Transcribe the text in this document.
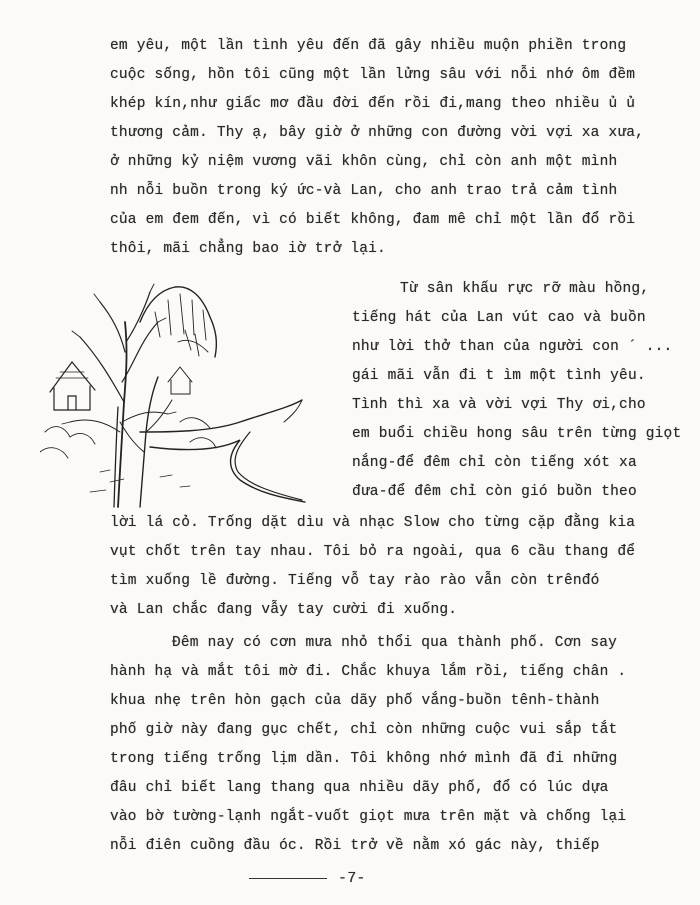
em yêu, một lần tình yêu đến đã gây nhiều muộn phiền trong
cuộc sống, hồn tôi cũng một lần lửng sâu với nỗi nhớ ôm đềm
khép kín,như giấc mơ đầu đời đến rồi đi,mang theo nhiều ủ ủ
thương cảm. Thy ạ, bây giờ ở những con đường vời vợi xa xưa,
ở những kỷ niệm vương vãi khôn cùng, chỉ còn anh một mình
nh nỗi buồn trong ký ức-và Lan, cho anh trao trả cảm tình
của em đem đến, vì có biết không, đam mê chỉ một lần đổ rồi
thôi, mãi chẳng bao iờ trở lại.
Từ sân khấu rực rỡ màu hồng,
tiếng hát của Lan vút cao và buồn
như lời thở than của người con ´ ...
gái mãi vẫn đi t ìm một tình yêu.
Tình thì xa và vời vợi Thy ơi,cho
em buổi chiều hong sâu trên từng giọt
nắng-để đêm chỉ còn tiếng xót xa
đưa-để đêm chỉ còn gió buồn theo
lời lá cỏ. Trống dặt dìu và nhạc Slow cho từng cặp đằng kia
vụt chốt trên tay nhau. Tôi bỏ ra ngoài, qua 6 cầu thang để
tìm xuống lề đường. Tiếng vỗ tay rào rào vẫn còn trênđó
và Lan chắc đang vẫy tay cười đi xuống.
Đêm nay có cơn mưa nhỏ thổi qua thành phố. Cơn say
hành hạ và mắt tôi mờ đi. Chắc khuya lắm rồi, tiếng chân .
khua nhẹ trên hòn gạch của dãy phố vắng-buồn tênh-thành
phố giờ này đang gục chết, chỉ còn những cuộc vui sắp tắt
trong tiếng trống lịm dần. Tôi không nhớ mình đã đi những
đâu chỉ biết lang thang qua nhiều dãy phố, đổ có lúc dựa
vào bờ tường-lạnh ngắt-vuốt giọt mưa trên mặt và chống lại
nỗi điên cuồng đầu óc. Rồi trở về nằm xó gác này, thiếp
-7-
